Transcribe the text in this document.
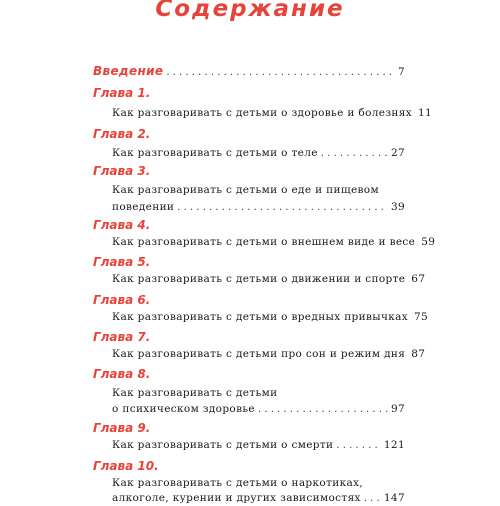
Содержание
Введение . . .	7
Глава 1.
Как разговаривать с детьми о здоровье и болезнях 11
Глава 2.
Как разговаривать с детьми о теле . . .	27
Глава 3.
Как разговаривать с детьми о еде и пищевом
поведении . . .	39
Глава 4.
Как разговаривать с детьми о внешнем виде и весе 59
Глава 5.
Как разговаривать с детьми о движении и спорте 67
Глава 6.
Как разговаривать с детьми о вредных привычках 75
Глава 7.
Как разговаривать с детьми про сон и режим дня 87
Глава 8.
Как разговаривать с детьми
о психическом здоровье . . .	97
Глава 9.
Как разговаривать с детьми о смерти . . .	121
Глава 10.
Как разговаривать с детьми о наркотиках,
алкоголе, курении и других зависимостях . . . 147
